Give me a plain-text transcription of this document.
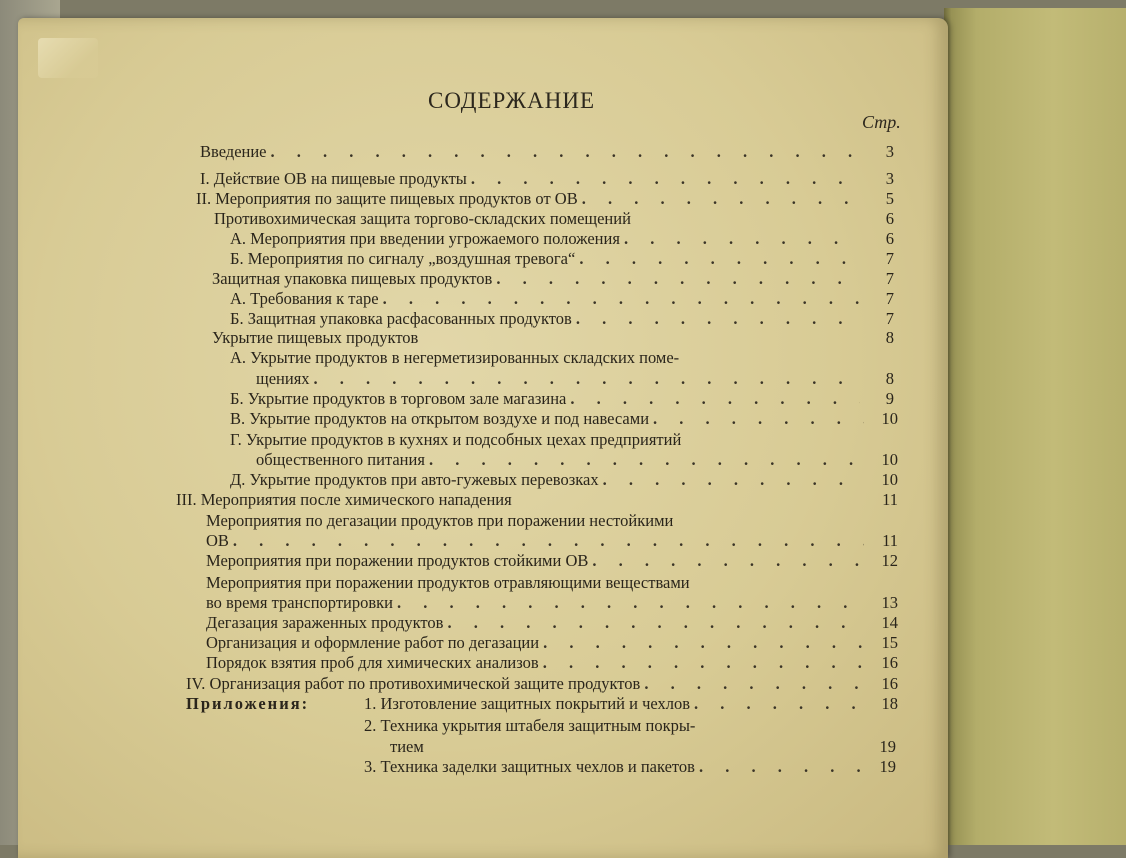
СОДЕРЖАНИЕ
Стр.
Введение . . .	3
I. Действие ОВ на пищевые продукты . . .	3
II. Мероприятия по защите пищевых продуктов от ОВ . . .	5
Противохимическая защита торгово-складских помещений	6
А. Мероприятия при введении угрожаемого положения . . .	6
Б. Мероприятия по сигналу „воздушная тревога“ . . .	7
Защитная упаковка пищевых продуктов . . .	7
А. Требования к таре . . .	7
Б. Защитная упаковка расфасованных продуктов . . .	7
Укрытие пищевых продуктов	8
А. Укрытие продуктов в негерметизированных складских поме-
щениях . . .	8
Б. Укрытие продуктов в торговом зале магазина . . .	9
В. Укрытие продуктов на открытом воздухе и под навесами . . .	10
Г. Укрытие продуктов в кухнях и подсобных цехах предприятий
общественного питания . . .	10
Д. Укрытие продуктов при авто-гужевых перевозках . . .	10
III. Мероприятия после химического нападения	11
Мероприятия по дегазации продуктов при поражении нестойкими
ОВ . . .	11
Мероприятия при поражении продуктов стойкими ОВ . . .	12
Мероприятия при поражении продуктов отравляющими веществами
во время транспортировки . . .	13
Дегазация зараженных продуктов . . .	14
Организация и оформление работ по дегазации . . .	15
Порядок взятия проб для химических анализов . . .	16
IV. Организация работ по противохимической защите продуктов . . .	16
Приложения:	1. Изготовление защитных покрытий и чехлов . . .	18
2. Техника укрытия штабеля защитным покры-
тием	19
3. Техника заделки защитных чехлов и пакетов . . .	19
